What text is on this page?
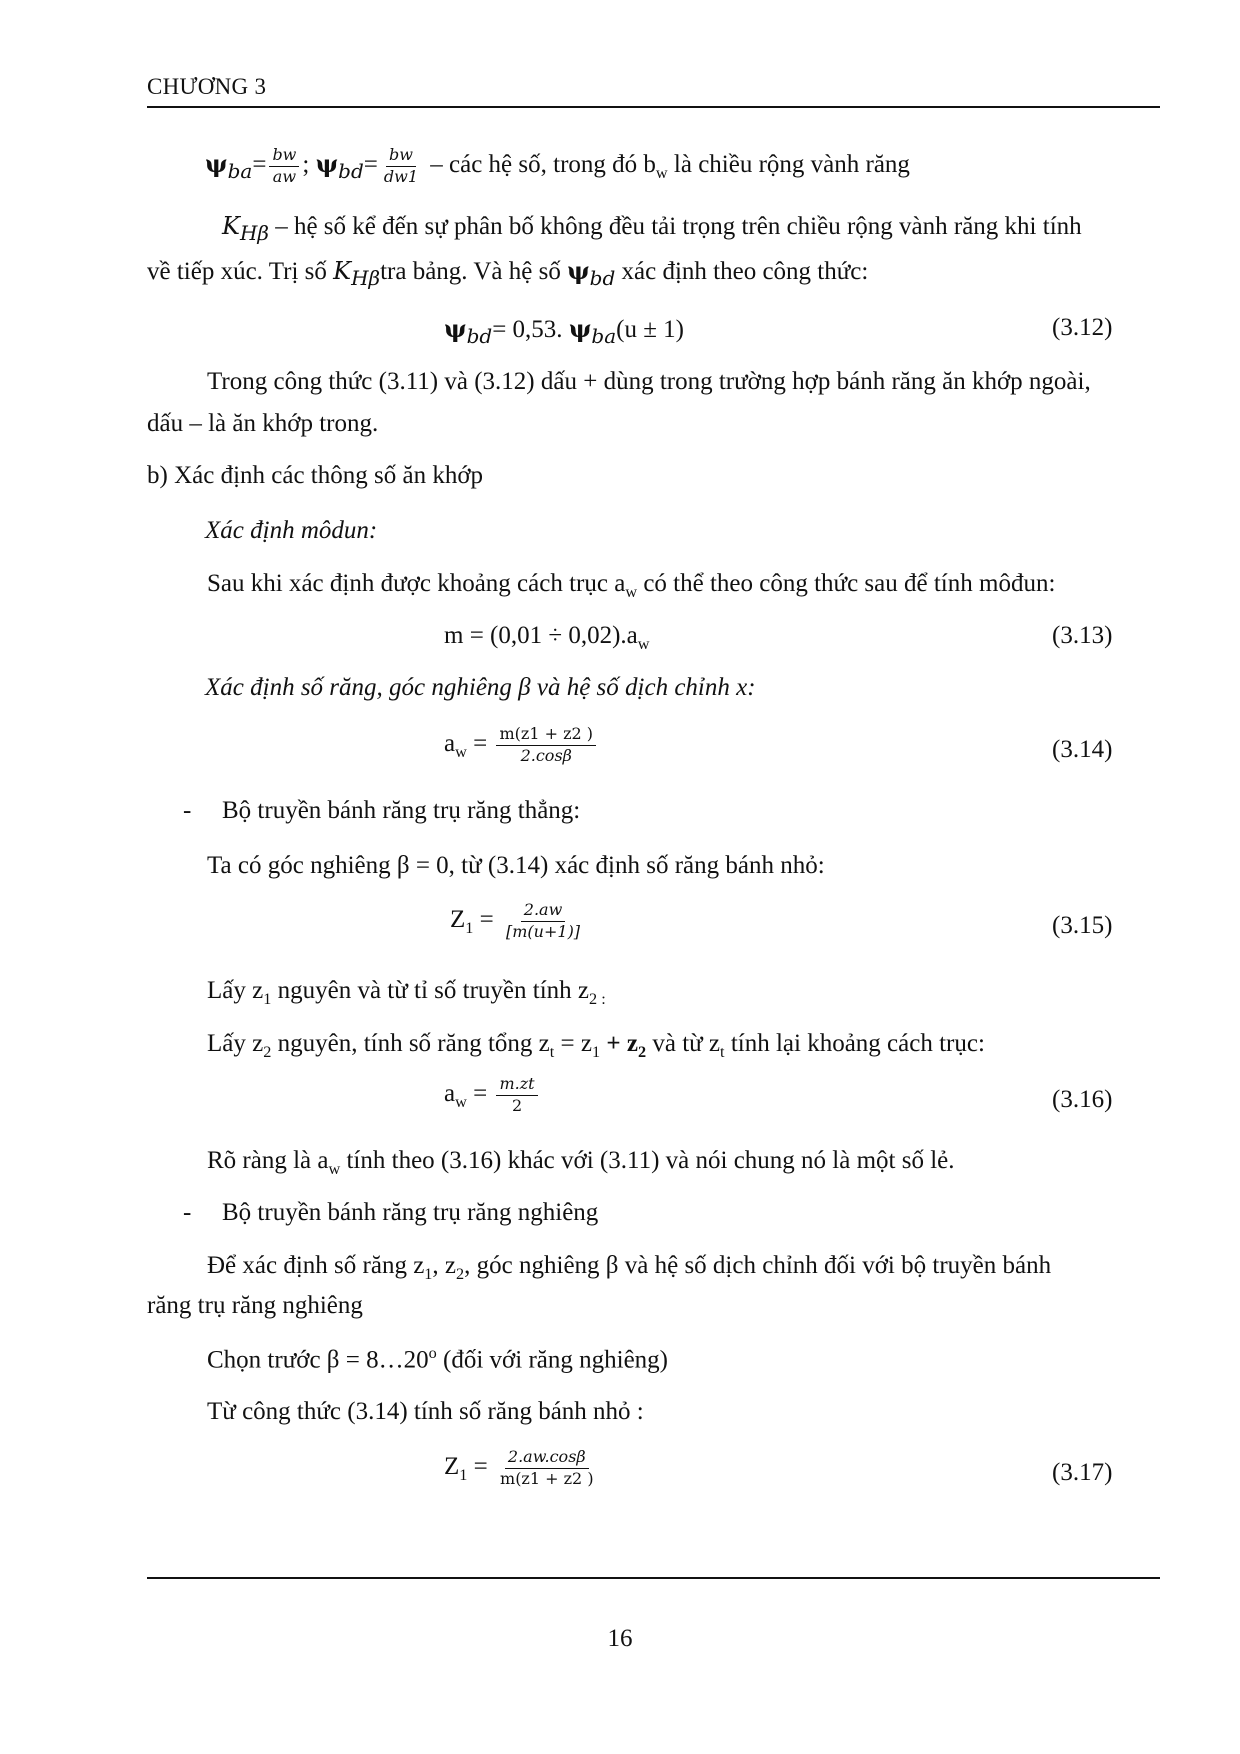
CHƯƠNG 3
$\psi_{ba}= \frac{bw}{aw}$ ; $\psi_{bd}= \frac{bw}{dw1}$ – các hệ số, trong đó $b_w$ là chiều rộng vành răng
$K_{H\beta}$ – hệ số kể đến sự phân bố không đều tải trọng trên chiều rộng vành răng khi tính
về tiếp xúc. Trị số $K_{H\beta}tra$ bảng. Và hệ số $\psi_{bd}$ xác định theo công thức:
$\psi_{bd}= 0,53$. $\psi_{ba}(u \pm 1)$	(3.12)
Trong công thức (3.11) và (3.12) dấu + dùng trong trường hợp bánh răng ăn khớp ngoài,
dấu – là ăn khớp trong.
b) Xác định các thông số ăn khớp
Xác định môdun:
Sau khi xác định được khoảng cách trục $a_w$ có thể theo công thức sau để tính môđun:
$m = (0,01 \div 0,02).a_w$	(3.13)
Xác định số răng, góc nghiêng β và hệ số dịch chỉnh x:
$a_w = \frac{m(z1 + z2 )}{2.\cos\beta}$	(3.14)
- Bộ truyền bánh răng trụ răng thẳng:
Ta có góc nghiêng β = 0, từ (3.14) xác định số răng bánh nhỏ:
$Z_1 = \frac{2.aw}{[m(u+1)]}$	(3.15)
Lấy $z_1$ nguyên và từ tỉ số truyền tính $z_{2 :}$
Lấy $z_2$ nguyên, tính số răng tổng $z_t = z_1 + z_2$ và từ $z_t$ tính lại khoảng cách trục:
$a_w = \frac{m.zt}{2}$	(3.16)
Rõ ràng là $a_w$ tính theo (3.16) khác với (3.11) và nói chung nó là một số lẻ.
- Bộ truyền bánh răng trụ răng nghiêng
Để xác định số răng $z_1$, $z_2$, góc nghiêng β và hệ số dịch chỉnh đối với bộ truyền bánh
răng trụ răng nghiêng
Chọn trước $\beta = 8\dots 20^o$ (đối với răng nghiêng)
Từ công thức (3.14) tính số răng bánh nhỏ :
$Z_1 = \frac{2.aw.\cos\beta}{m(z1 + z2 )}$	(3.17)
16
